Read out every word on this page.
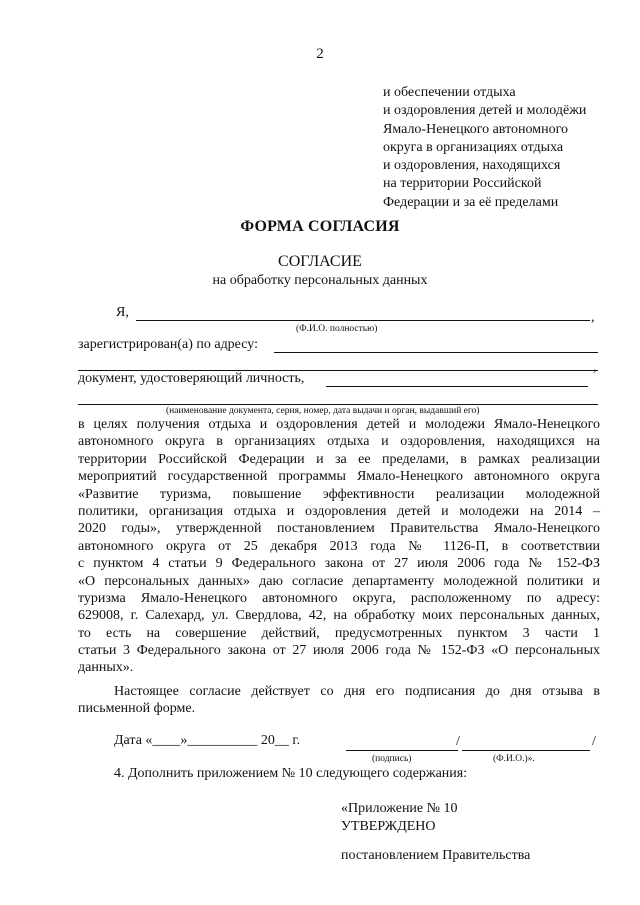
2
и обеспечении отдыха
и оздоровления детей и молодёжи
Ямало-Ненецкого автономного
округа в организациях отдыха
и оздоровления, находящихся
на территории Российской
Федерации и за её пределами
ФОРМА СОГЛАСИЯ
СОГЛАСИЕ
на обработку персональных данных
Я,	,
(Ф.И.О. полностью)
зарегистрирован(а) по адресу:
,
документ, удостоверяющий личность,
(наименование документа, серия, номер, дата выдачи и орган, выдавший его)
в целях получения отдыха и оздоровления детей и молодежи Ямало-Ненецкого
автономного округа в организациях отдыха и оздоровления, находящихся на
территории Российской Федерации и за ее пределами, в рамках реализации
мероприятий государственной программы Ямало-Ненецкого автономного округа
«Развитие туризма, повышение эффективности реализации молодежной
политики, организация отдыха и оздоровления детей и молодежи на 2014 –
2020 годы», утвержденной постановлением Правительства Ямало-Ненецкого
автономного округа от 25 декабря 2013 года № 1126-П, в соответствии
с пунктом 4 статьи 9 Федерального закона от 27 июля 2006 года № 152-ФЗ
«О персональных данных» даю согласие департаменту молодежной политики и
туризма Ямало-Ненецкого автономного округа, расположенному по адресу:
629008, г. Салехард, ул. Свердлова, 42, на обработку моих персональных данных,
то есть на совершение действий, предусмотренных пунктом 3 части 1
статьи 3 Федерального закона от 27 июля 2006 года № 152-ФЗ «О персональных
данных».
Настоящее согласие действует со дня его подписания до дня отзыва в
письменной форме.
Дата «____»__________ 20__ г.	/	/
(подпись)	(Ф.И.О.)».
4. Дополнить приложением № 10 следующего содержания:
«Приложение № 10
УТВЕРЖДЕНО
постановлением Правительства
